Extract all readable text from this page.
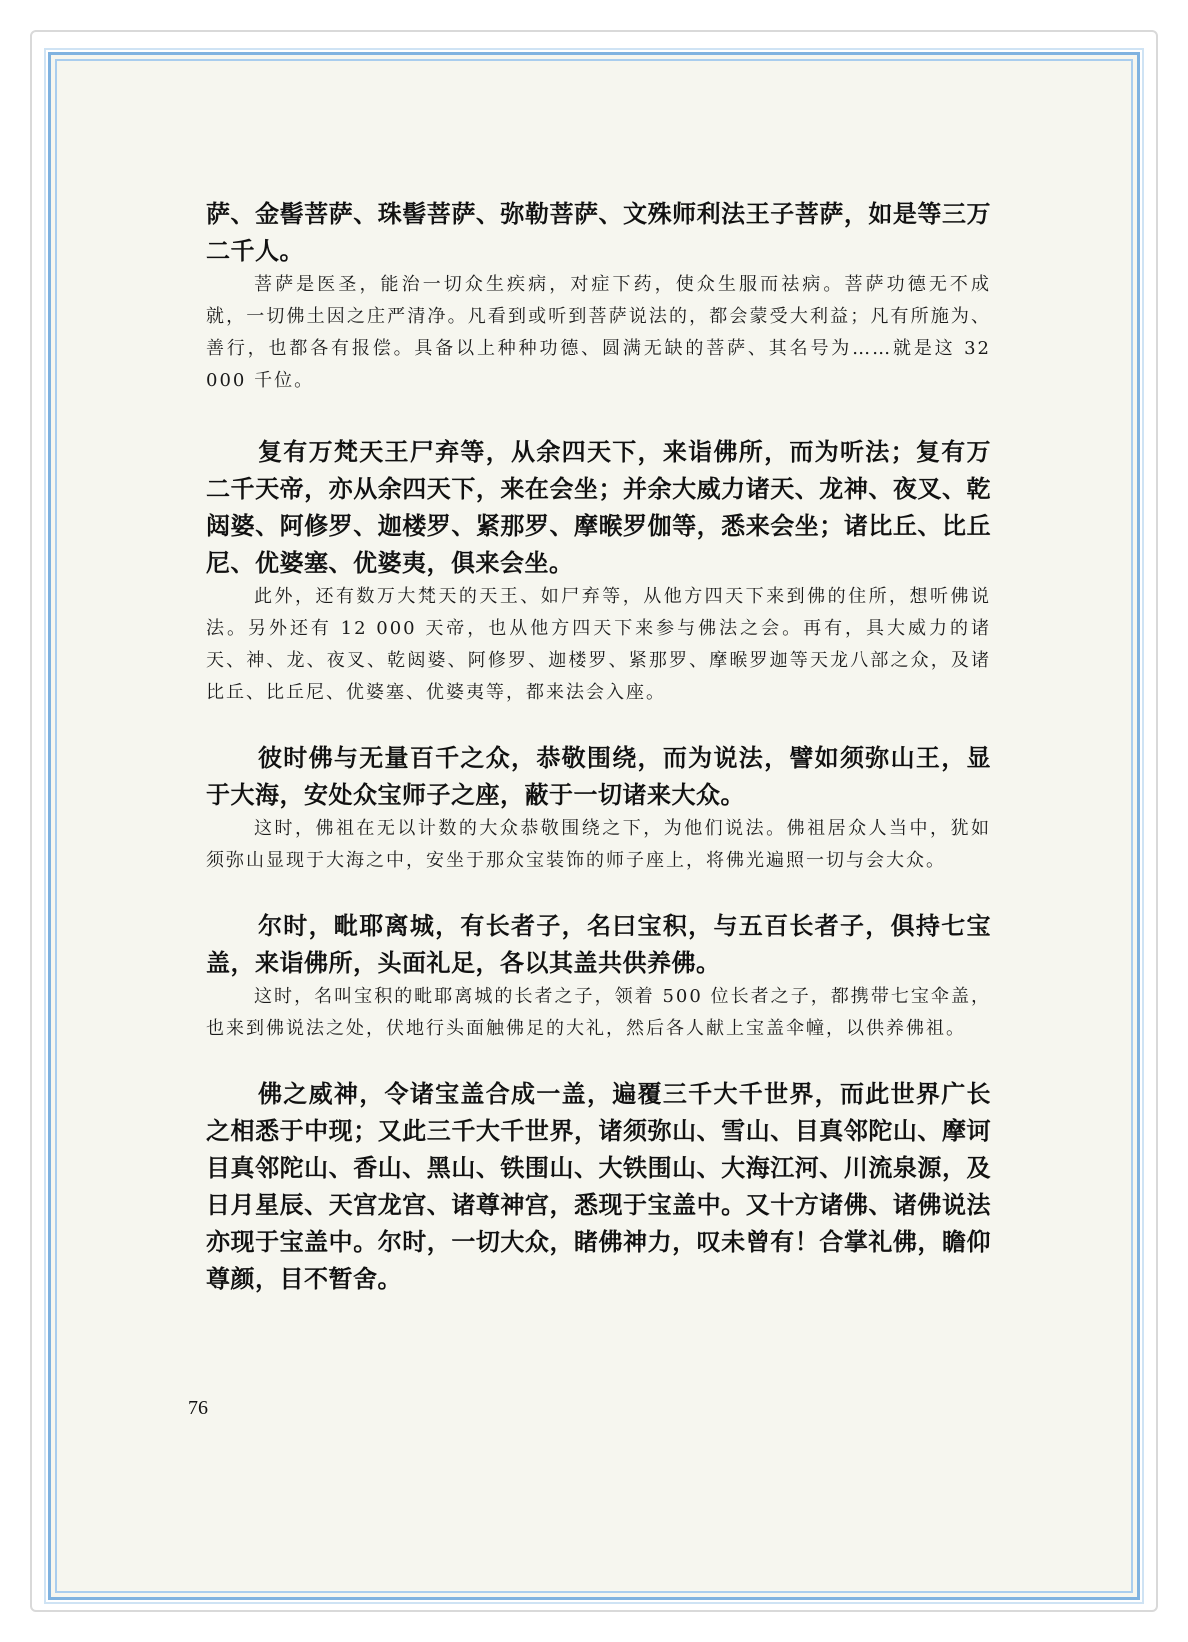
萨、金髻菩萨、珠髻菩萨、弥勒菩萨、文殊师利法王子菩萨，如是等三万二千人。

菩萨是医圣，能治一切众生疾病，对症下药，使众生服而祛病。菩萨功德无不成就，一切佛土因之庄严清净。凡看到或听到菩萨说法的，都会蒙受大利益；凡有所施为、善行，也都各有报偿。具备以上种种功德、圆满无缺的菩萨、其名号为……就是这 32 000 千位。

复有万梵天王尸弃等，从余四天下，来诣佛所，而为听法；复有万二千天帝，亦从余四天下，来在会坐；并余大威力诸天、龙神、夜叉、乾闼婆、阿修罗、迦楼罗、紧那罗、摩㬋罗伽等，悉来会坐；诸比丘、比丘尼、优婆塞、优婆夷，俱来会坐。

此外，还有数万大梵天的天王、如尸弃等，从他方四天下来到佛的住所，想听佛说法。另外还有 12 000 天帝，也从他方四天下来参与佛法之会。再有，具大威力的诸天、神、龙、夜叉、乾闼婆、阿修罗、迦楼罗、紧那罗、摩㬋罗迦等天龙八部之众，及诸比丘、比丘尼、优婆塞、优婆夷等，都来法会入座。

彼时佛与无量百千之众，恭敬围绕，而为说法，譬如须弥山王，显于大海，安处众宝师子之座，蔽于一切诸来大众。

这时，佛祖在无以计数的大众恭敬围绕之下，为他们说法。佛祖居众人当中，犹如须弥山显现于大海之中，安坐于那众宝装饰的师子座上，将佛光遍照一切与会大众。

尔时，毗耶离城，有长者子，名曰宝积，与五百长者子，俱持七宝盖，来诣佛所，头面礼足，各以其盖共供养佛。

这时，名叫宝积的毗耶离城的长者之子，领着 500 位长者之子，都携带七宝伞盖，也来到佛说法之处，伏地行头面触佛足的大礼，然后各人献上宝盖伞幢，以供养佛祖。

佛之威神，令诸宝盖合成一盖，遍覆三千大千世界，而此世界广长之相悉于中现；又此三千大千世界，诸须弥山、雪山、目真邻陀山、摩诃目真邻陀山、香山、黑山、铁围山、大铁围山、大海江河、川流泉源，及日月星辰、天宫龙宫、诸尊神宫，悉现于宝盖中。又十方诸佛、诸佛说法亦现于宝盖中。尔时，一切大众，睹佛神力，叹未曾有！合掌礼佛，瞻仰尊颜，目不暂舍。

76
